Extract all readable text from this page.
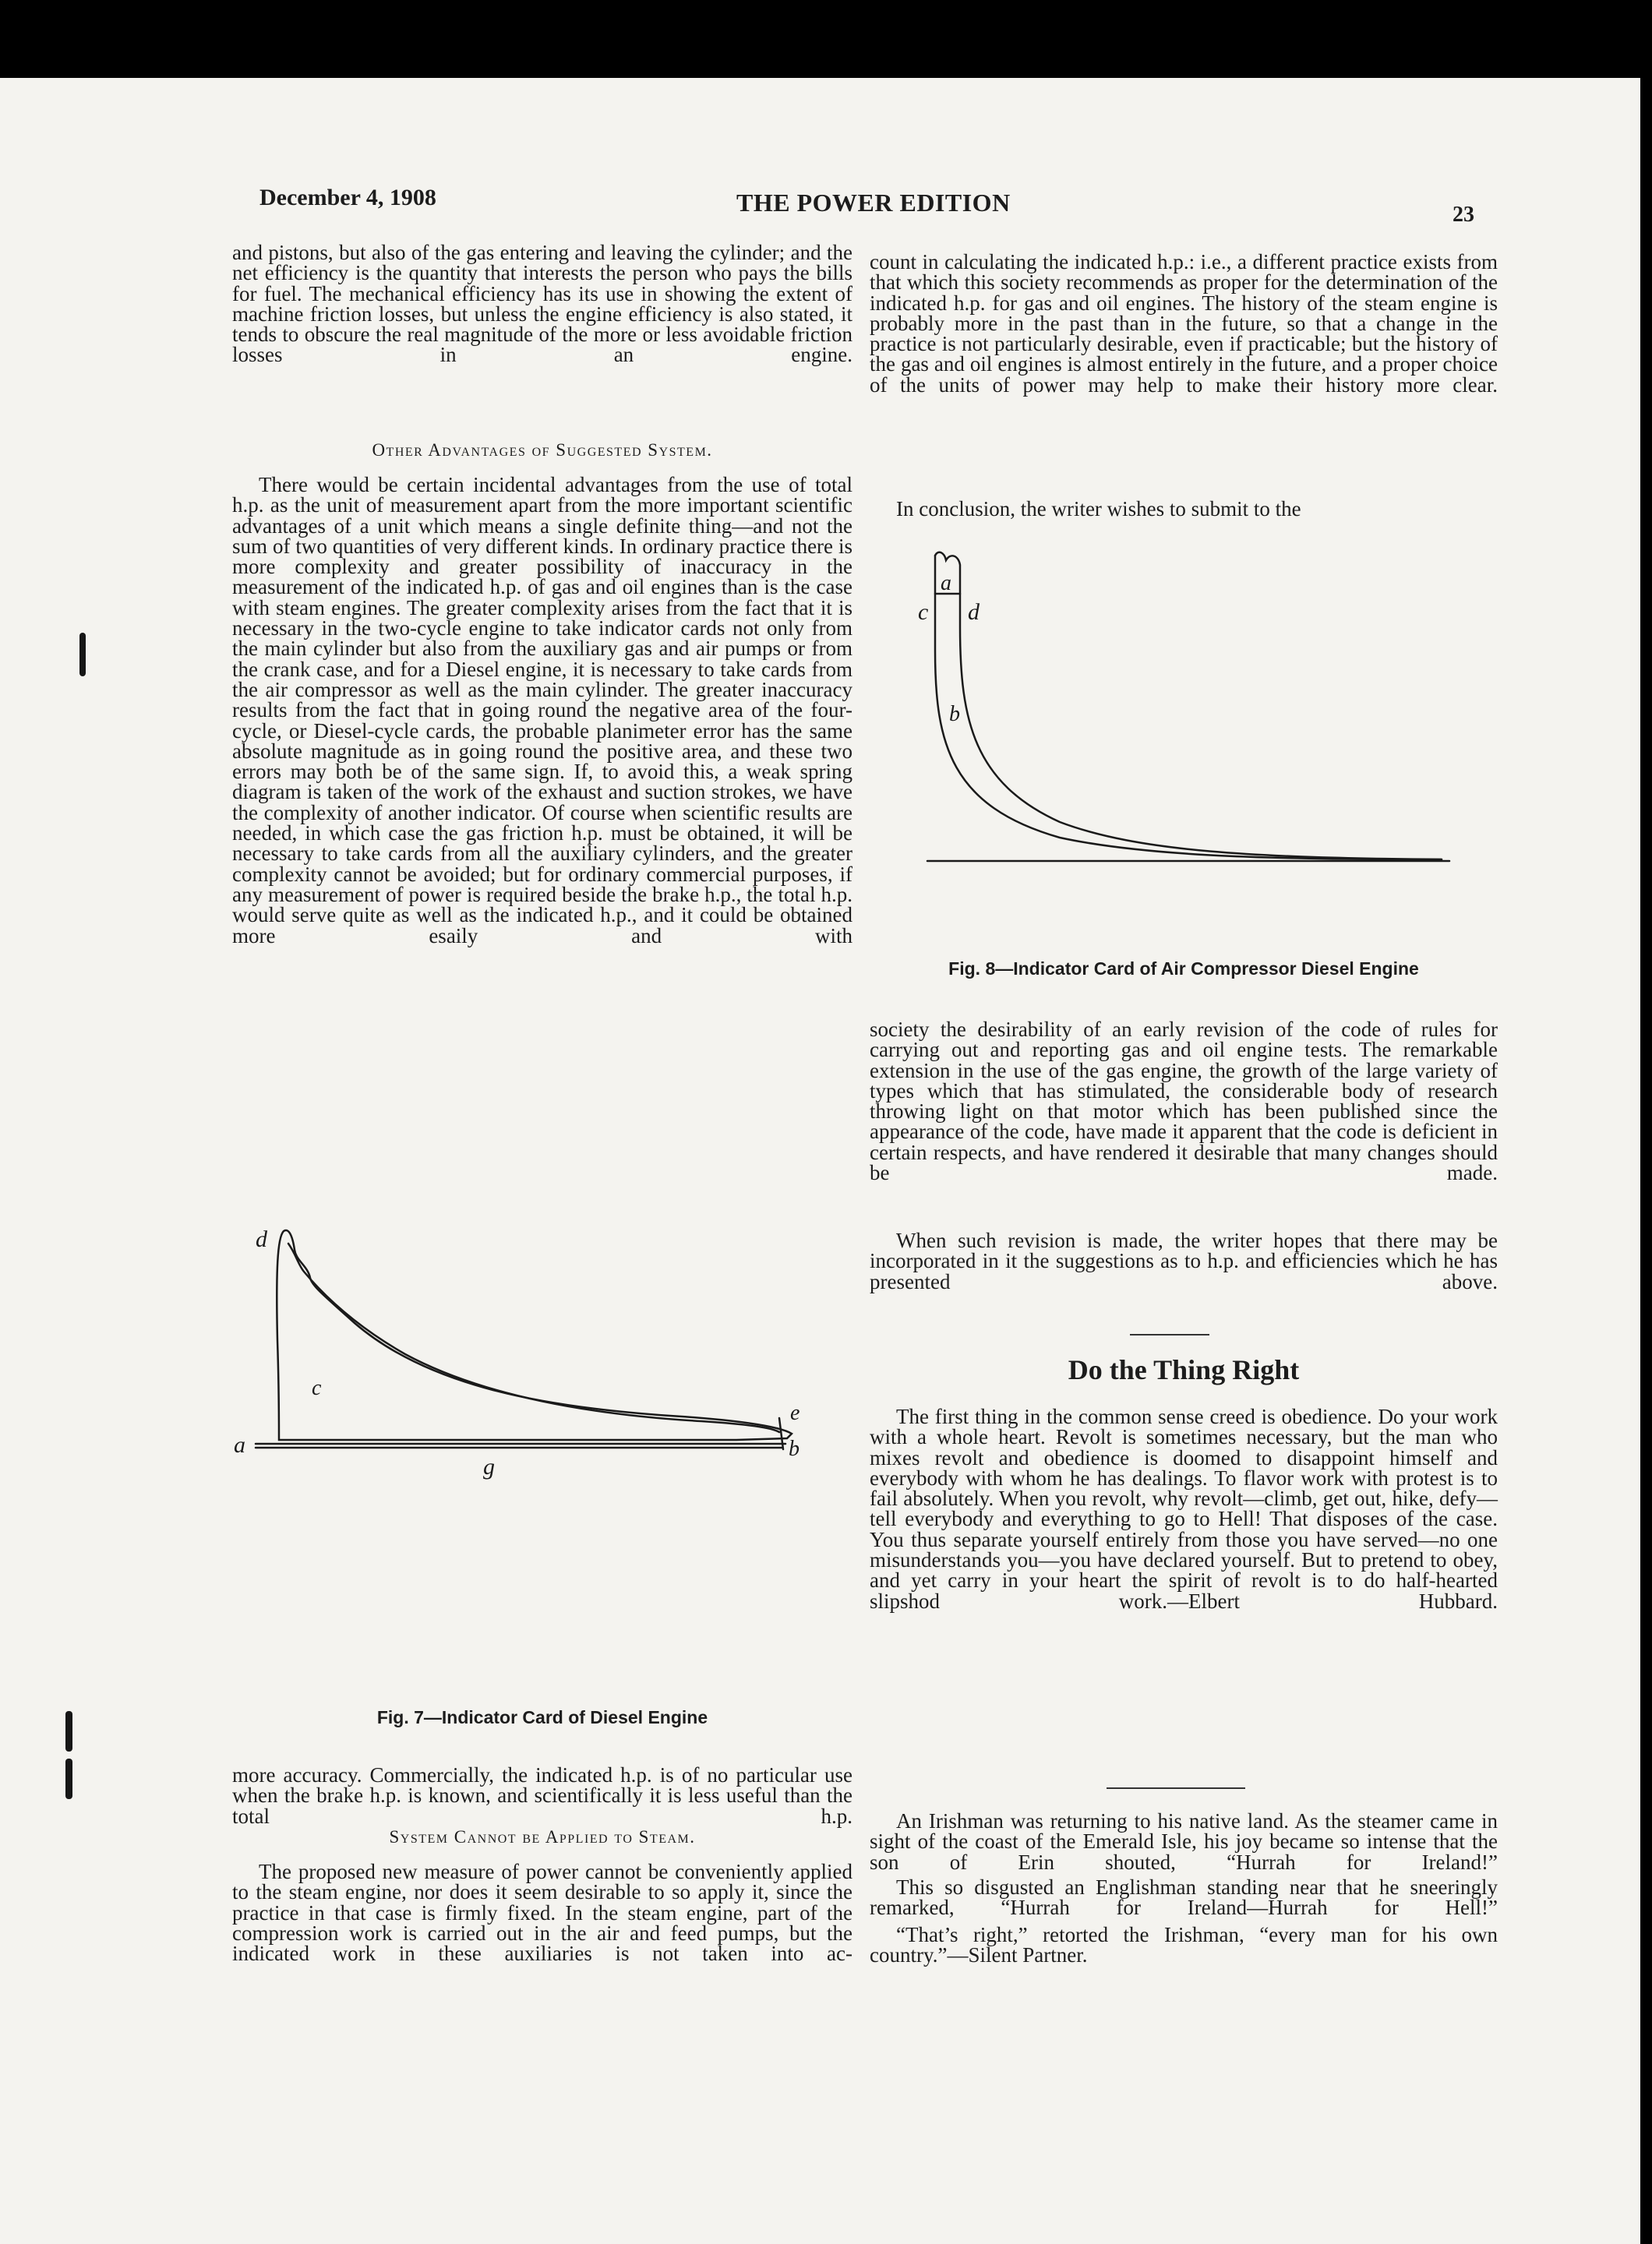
December 4, 1908	THE POWER EDITION	23
and pistons, but also of the gas entering and leaving the cylinder; and the net efficiency is the quantity that interests the person who pays the bills for fuel. The mechanical efficiency has its use in showing the extent of machine friction losses, but unless the engine efficiency is also stated, it tends to obscure the real magnitude of the more or less avoidable friction losses in an engine.
Other Advantages of Suggested System.
There would be certain incidental advantages from the use of total h.p. as the unit of measurement apart from the more important scientific advantages of a unit which means a single definite thing—and not the sum of two quantities of very different kinds. In ordinary practice there is more complexity and greater possibility of inaccuracy in the measurement of the indicated h.p. of gas and oil engines than is the case with steam engines. The greater complexity arises from the fact that it is necessary in the two-cycle engine to take indicator cards not only from the main cylinder but also from the auxiliary gas and air pumps or from the crank case, and for a Diesel engine, it is necessary to take cards from the air compressor as well as the main cylinder. The greater inaccuracy results from the fact that in going round the negative area of the four-cycle, or Diesel-cycle cards, the probable planimeter error has the same absolute magnitude as in going round the positive area, and these two errors may both be of the same sign. If, to avoid this, a weak spring diagram is taken of the work of the exhaust and suction strokes, we have the complexity of another indicator. Of course when scientific results are needed, in which case the gas friction h.p. must be obtained, it will be necessary to take cards from all the auxiliary cylinders, and the greater complexity cannot be avoided; but for ordinary commercial purposes, if any measurement of power is required beside the brake h.p., the total h.p. would serve quite as well as the indicated h.p., and it could be obtained more esaily and with
d
c
a
g
e
b
Fig. 7—Indicator Card of Diesel Engine
more accuracy. Commercially, the indicated h.p. is of no particular use when the brake h.p. is known, and scientifically it is less useful than the total h.p.
System Cannot be Applied to Steam.
The proposed new measure of power cannot be conveniently applied to the steam engine, nor does it seem desirable to so apply it, since the practice in that case is firmly fixed. In the steam engine, part of the compression work is carried out in the air and feed pumps, but the indicated work in these auxiliaries is not taken into ac-
count in calculating the indicated h.p.: i.e., a different practice exists from that which this society recommends as proper for the determination of the indicated h.p. for gas and oil engines. The history of the steam engine is probably more in the past than in the future, so that a change in the practice is not particularly desirable, even if practicable; but the history of the gas and oil engines is almost entirely in the future, and a proper choice of the units of power may help to make their history more clear.
In conclusion, the writer wishes to submit to the
a
c d
b
Fig. 8—Indicator Card of Air Compressor Diesel Engine
society the desirability of an early revision of the code of rules for carrying out and reporting gas and oil engine tests. The remarkable extension in the use of the gas engine, the growth of the large variety of types which that has stimulated, the considerable body of research throwing light on that motor which has been published since the appearance of the code, have made it apparent that the code is deficient in certain respects, and have rendered it desirable that many changes should be made.
When such revision is made, the writer hopes that there may be incorporated in it the suggestions as to h.p. and efficiencies which he has presented above.
Do the Thing Right
The first thing in the common sense creed is obedience. Do your work with a whole heart. Revolt is sometimes necessary, but the man who mixes revolt and obedience is doomed to disappoint himself and everybody with whom he has dealings. To flavor work with protest is to fail absolutely. When you revolt, why revolt—climb, get out, hike, defy—tell everybody and everything to go to Hell! That disposes of the case. You thus separate yourself entirely from those you have served—no one misunderstands you—you have declared yourself. But to pretend to obey, and yet carry in your heart the spirit of revolt is to do half-hearted slipshod work.—Elbert Hubbard.
An Irishman was returning to his native land. As the steamer came in sight of the coast of the Emerald Isle, his joy became so intense that the son of Erin shouted, “Hurrah for Ireland!”
This so disgusted an Englishman standing near that he sneeringly remarked, “Hurrah for Ireland—Hurrah for Hell!”
“That’s right,” retorted the Irishman, “every man for his own country.”—Silent Partner.
